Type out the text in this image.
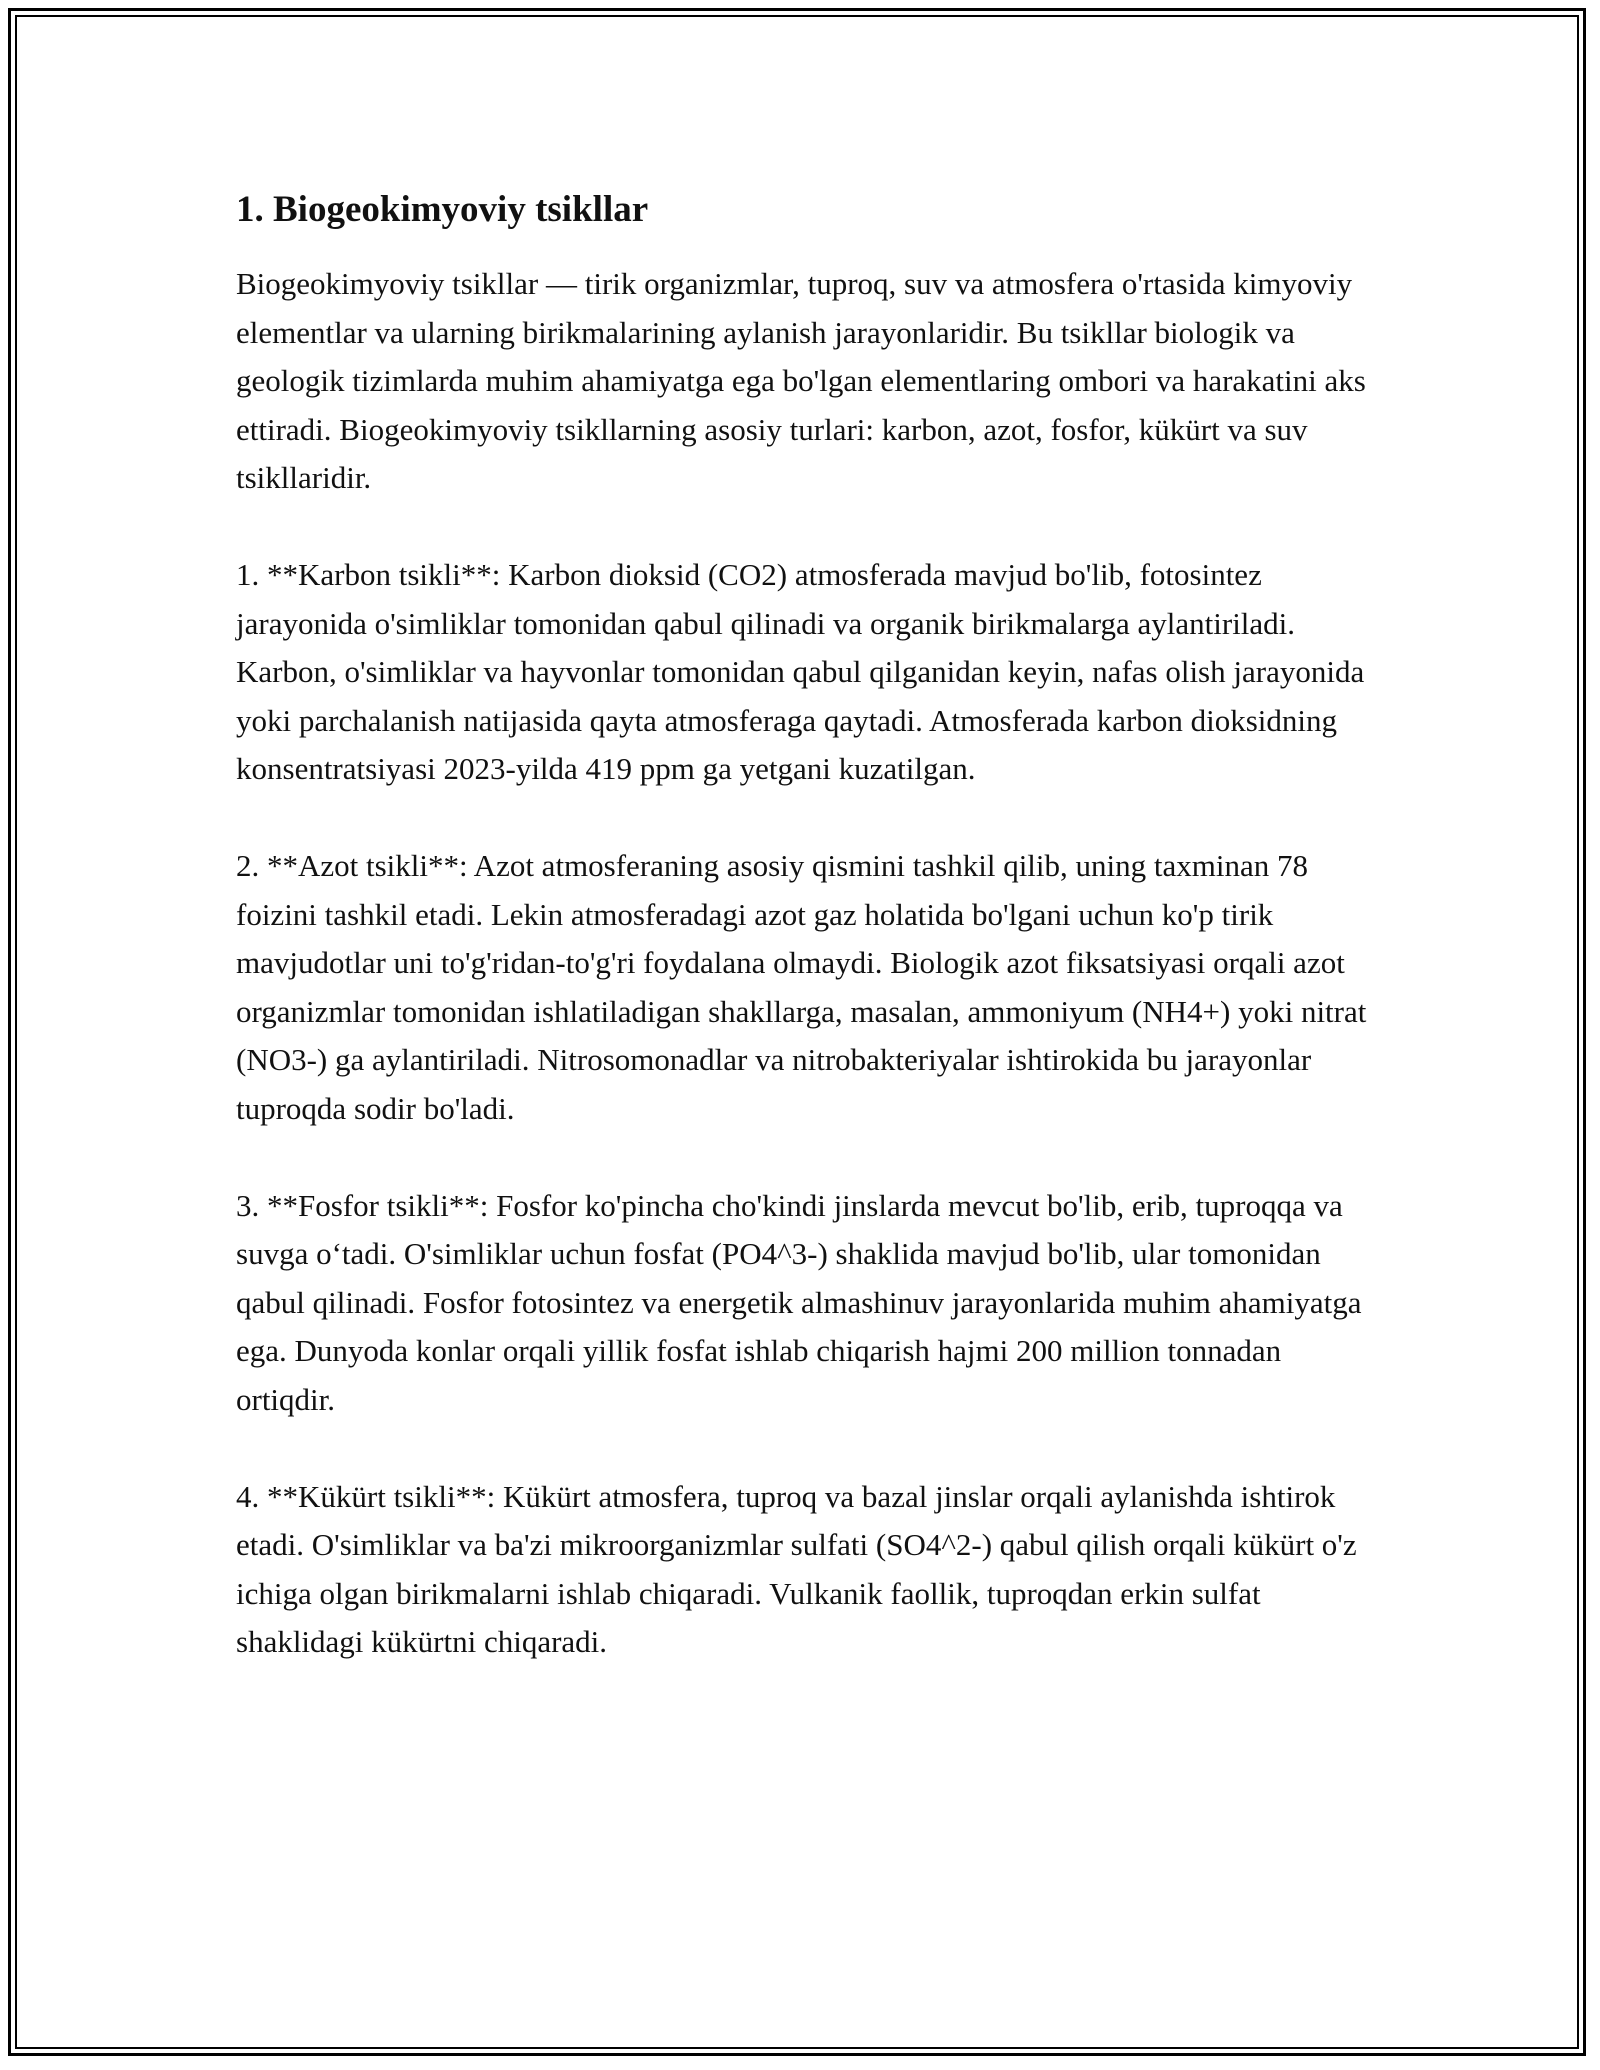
1. Biogeokimyoviy tsikllar

Biogeokimyoviy tsikllar — tirik organizmlar, tuproq, suv va atmosfera o'rtasida kimyoviy elementlar va ularning birikmalarining aylanish jarayonlaridir. Bu tsikllar biologik va geologik tizimlarda muhim ahamiyatga ega bo'lgan elementlaring ombori va harakatini aks ettiradi. Biogeokimyoviy tsikllarning asosiy turlari: karbon, azot, fosfor, kükürt va suv tsikllaridir.

1. **Karbon tsikli**: Karbon dioksid (CO2) atmosferada mavjud bo'lib, fotosintez jarayonida o'simliklar tomonidan qabul qilinadi va organik birikmalarga aylantiriladi. Karbon, o'simliklar va hayvonlar tomonidan qabul qilganidan keyin, nafas olish jarayonida yoki parchalanish natijasida qayta atmosferaga qaytadi. Atmosferada karbon dioksidning konsentratsiyasi 2023-yilda 419 ppm ga yetgani kuzatilgan.

2. **Azot tsikli**: Azot atmosferaning asosiy qismini tashkil qilib, uning taxminan 78 foizini tashkil etadi. Lekin atmosferadagi azot gaz holatida bo'lgani uchun ko'p tirik mavjudotlar uni to'g'ridan-to'g'ri foydalana olmaydi. Biologik azot fiksatsiyasi orqali azot organizmlar tomonidan ishlatiladigan shakllarga, masalan, ammoniyum (NH4+) yoki nitrat (NO3-) ga aylantiriladi. Nitrosomonadlar va nitrobakteriyalar ishtirokida bu jarayonlar tuproqda sodir bo'ladi.

3. **Fosfor tsikli**: Fosfor ko'pincha cho'kindi jinslarda mevcut bo'lib, erib, tuproqqa va suvga o‘tadi. O'simliklar uchun fosfat (PO4^3-) shaklida mavjud bo'lib, ular tomonidan qabul qilinadi. Fosfor fotosintez va energetik almashinuv jarayonlarida muhim ahamiyatga ega. Dunyoda konlar orqali yillik fosfat ishlab chiqarish hajmi 200 million tonnadan ortiqdir.

4. **Kükürt tsikli**: Kükürt atmosfera, tuproq va bazal jinslar orqali aylanishda ishtirok etadi. O'simliklar va ba'zi mikroorganizmlar sulfati (SO4^2-) qabul qilish orqali kükürt o'z ichiga olgan birikmalarni ishlab chiqaradi. Vulkanik faollik, tuproqdan erkin sulfat shaklidagi kükürtni chiqaradi.
